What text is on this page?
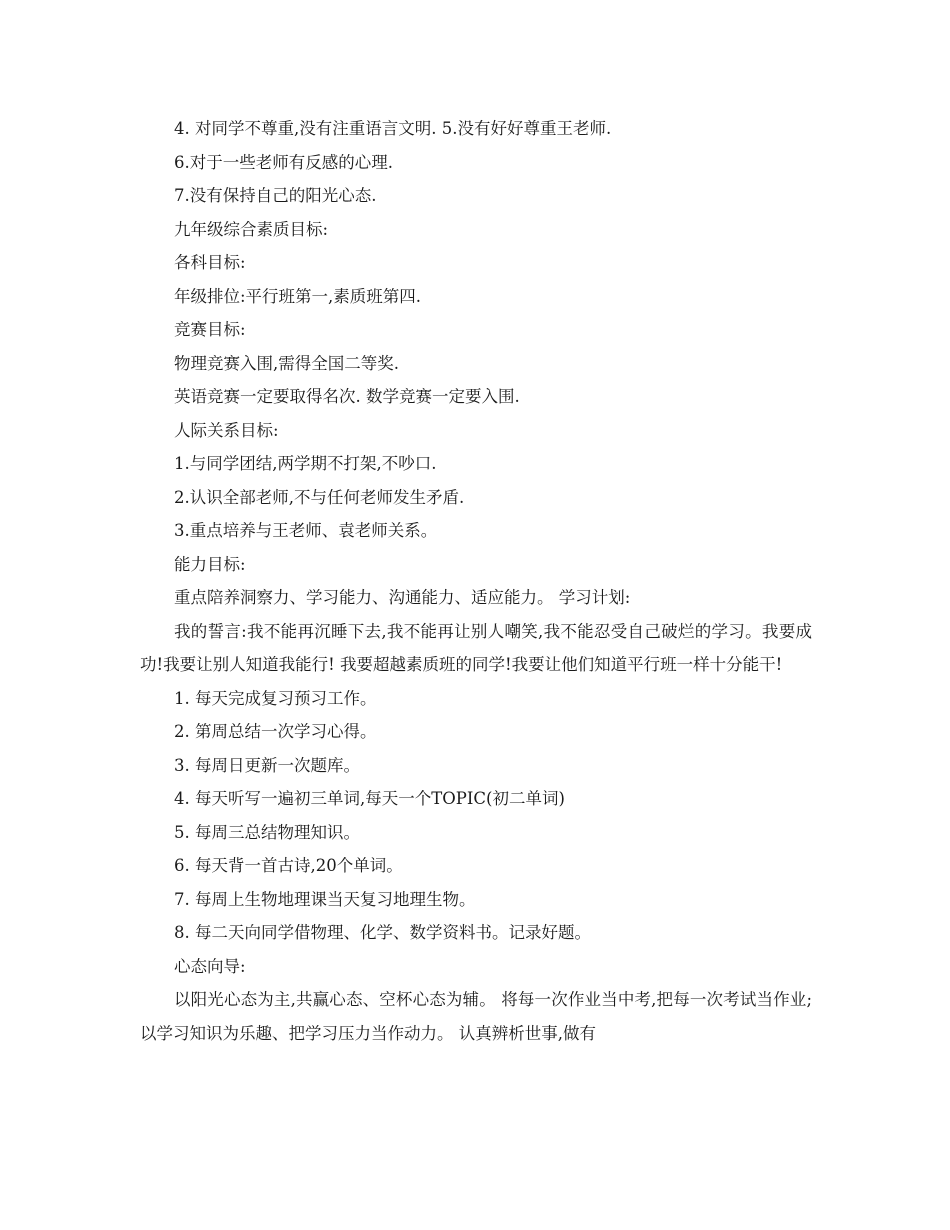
4. 对同学不尊重,没有注重语言文明. 5.没有好好尊重王老师.

6.对于一些老师有反感的心理.

7.没有保持自己的阳光心态.

九年级综合素质目标:

各科目标:

年级排位:平行班第一,素质班第四.

竞赛目标:

物理竞赛入围,需得全国二等奖.

英语竞赛一定要取得名次. 数学竞赛一定要入围.

人际关系目标:

1.与同学团结,两学期不打架,不吵口.

2.认识全部老师,不与任何老师发生矛盾.

3.重点培养与王老师、袁老师关系。

能力目标:

重点陪养洞察力、学习能力、沟通能力、适应能力。 学习计划:

我的誓言:我不能再沉睡下去,我不能再让别人嘲笑,我不能忍受自己破烂的学习。我要成功!我要让别人知道我能行! 我要超越素质班的同学!我要让他们知道平行班一样十分能干!

1. 每天完成复习预习工作。

2. 第周总结一次学习心得。

3. 每周日更新一次题库。

4. 每天听写一遍初三单词,每天一个TOPIC(初二单词)

5. 每周三总结物理知识。

6. 每天背一首古诗,20个单词。

7. 每周上生物地理课当天复习地理生物。

8. 每二天向同学借物理、化学、数学资料书。记录好题。

心态向导:

以阳光心态为主,共赢心态、空杯心态为辅。 将每一次作业当中考,把每一次考试当作业;以学习知识为乐趣、把学习压力当作动力。 认真辨析世事,做有
